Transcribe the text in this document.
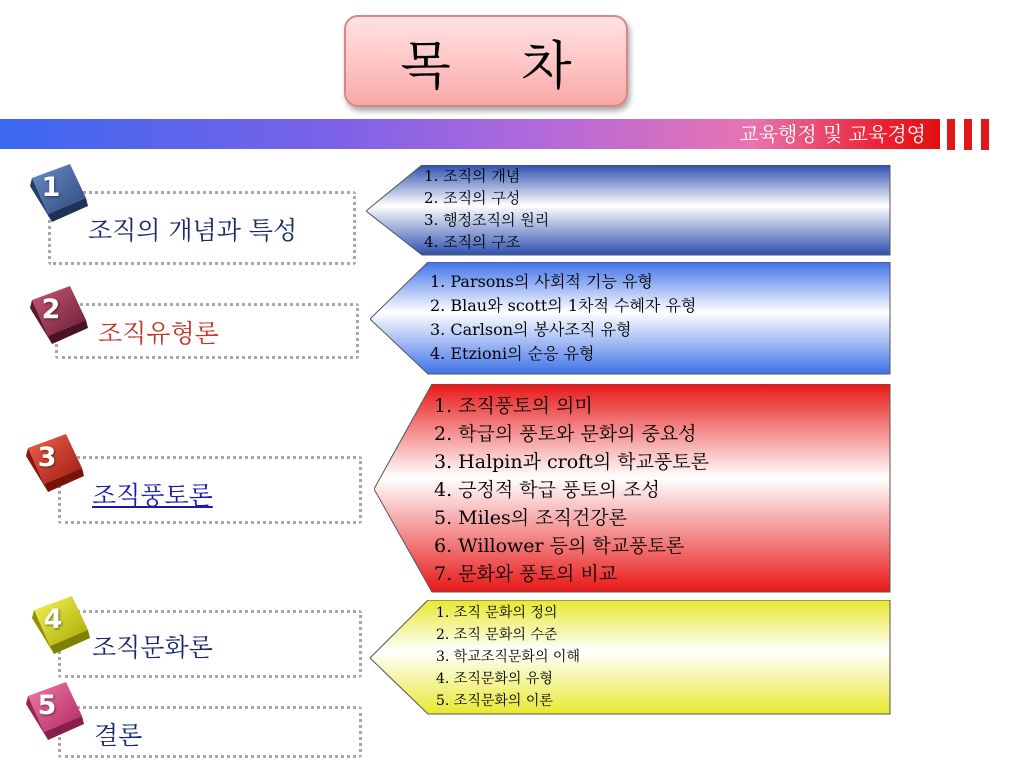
목 차
교육행정 및 교육경영
조직의 개념과 특성
1	1. 조직의 개념
2. 조직의 구성
3. 행정조직의 원리
4. 조직의 구조
조직유형론
2
1. Parsons의 사회적 기능 유형
2. Blau와 scott의 1차적 수혜자 유형
3. Carlson의 봉사조직 유형
4. Etzioni의 순응 유형
조직풍토론
3
1. 조직풍토의 의미
2. 학급의 풍토와 문화의 중요성
3. Halpin과 croft의 학교풍토론
4. 긍정적 학급 풍토의 조성
5. Miles의 조직건강론
6. Willower 등의 학교풍토론
7. 문화와 풍토의 비교
조직문화론
4	1. 조직 문화의 정의
2. 조직 문화의 수준
3. 학교조직문화의 이해
4. 조직문화의 유형
5. 조직문화의 이론
결론
5
